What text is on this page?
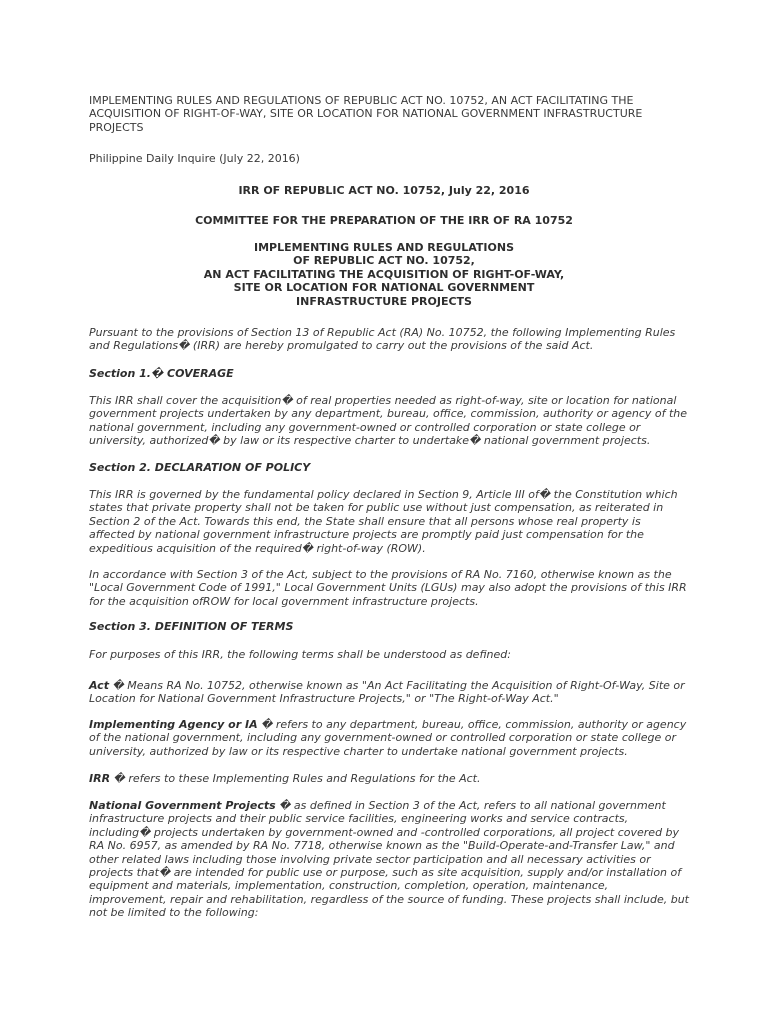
IMPLEMENTING RULES AND REGULATIONS OF REPUBLIC ACT NO. 10752, AN ACT FACILITATING THE ACQUISITION OF RIGHT-OF-WAY, SITE OR LOCATION FOR NATIONAL GOVERNMENT INFRASTRUCTURE PROJECTS

Philippine Daily Inquire (July 22, 2016)

IRR OF REPUBLIC ACT NO. 10752, July 22, 2016

COMMITTEE FOR THE PREPARATION OF THE IRR OF RA 10752

IMPLEMENTING RULES AND REGULATIONS
OF REPUBLIC ACT NO. 10752,
AN ACT FACILITATING THE ACQUISITION OF RIGHT-OF-WAY,
SITE OR LOCATION FOR NATIONAL GOVERNMENT
INFRASTRUCTURE PROJECTS

Pursuant to the provisions of Section 13 of Republic Act (RA) No. 10752, the following Implementing Rules and Regulations� (IRR) are hereby promulgated to carry out the provisions of the said Act.

Section 1.� COVERAGE

This IRR shall cover the acquisition� of real properties needed as right-of-way, site or location for national government projects undertaken by any department, bureau, office, commission, authority or agency of the national government, including any government-owned or controlled corporation or state college or university, authorized� by law or its respective charter to undertake� national government projects.

Section 2. DECLARATION OF POLICY

This IRR is governed by the fundamental policy declared in Section 9, Article III of� the Constitution which states that private property shall not be taken for public use without just compensation, as reiterated in Section 2 of the Act. Towards this end, the State shall ensure that all persons whose real property is affected by national government infrastructure projects are promptly paid just compensation for the expeditious acquisition of the required� right-of-way (ROW).

In accordance with Section 3 of the Act, subject to the provisions of RA No. 7160, otherwise known as the "Local Government Code of 1991," Local Government Units (LGUs) may also adopt the provisions of this IRR for the acquisition ofROW for local government infrastructure projects.

Section 3. DEFINITION OF TERMS

For purposes of this IRR, the following terms shall be understood as defined:

Act � Means RA No. 10752, otherwise known as "An Act Facilitating the Acquisition of Right-Of-Way, Site or Location for National Government Infrastructure Projects," or "The Right-of-Way Act."

Implementing Agency or IA � refers to any department, bureau, office, commission, authority or agency of the national government, including any government-owned or controlled corporation or state college or university, authorized by law or its respective charter to undertake national government projects.

IRR � refers to these Implementing Rules and Regulations for the Act.

National Government Projects � as defined in Section 3 of the Act, refers to all national government infrastructure projects and their public service facilities, engineering works and service contracts, including� projects undertaken by government-owned and -controlled corporations, all project covered by RA No. 6957, as amended by RA No. 7718, otherwise known as the "Build-Operate-and-Transfer Law," and other related laws including those involving private sector participation and all necessary activities or projects that� are intended for public use or purpose, such as site acquisition, supply and/or installation of equipment and materials, implementation, construction, completion, operation, maintenance, improvement, repair and rehabilitation, regardless of the source of funding. These projects shall include, but not be limited to the following:
